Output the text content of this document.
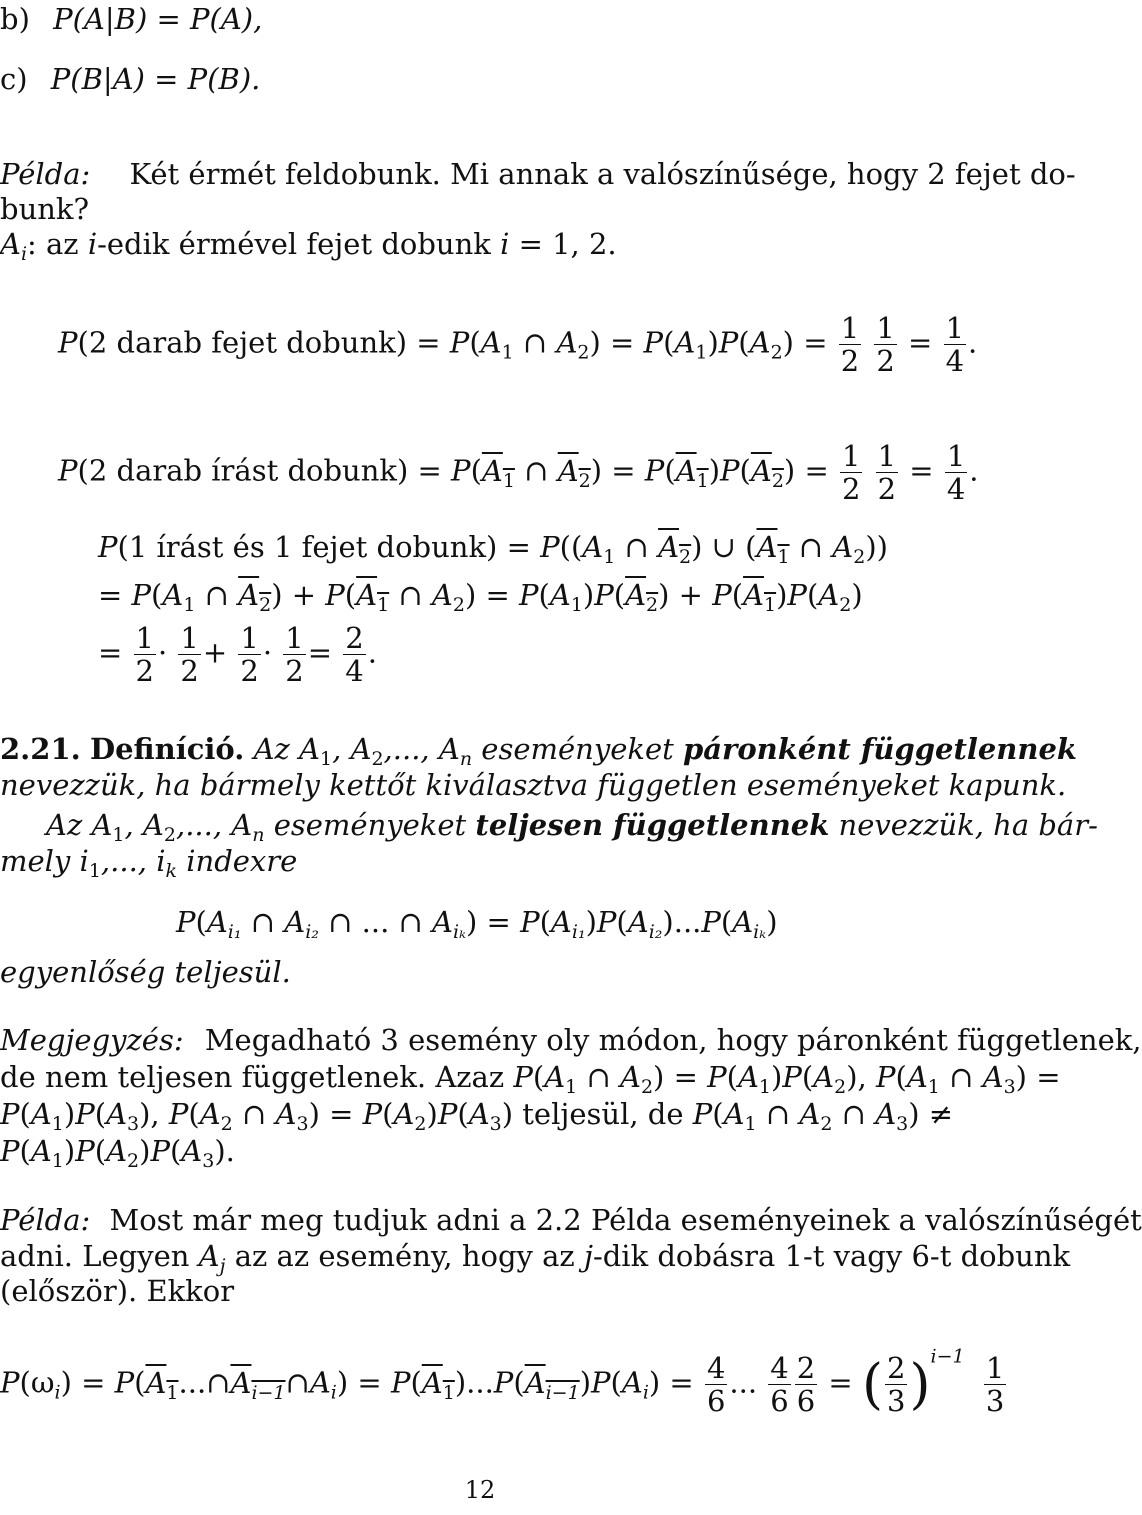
b) P(A|B) = P(A),
c) P(B|A) = P(B).
Példa: Két érmét feldobunk. Mi annak a valószínűsége, hogy 2 fejet do-
bunk?
$A_i$: az i-edik érmével fejet dobunk i = 1, 2.
P(2 darab fejet dobunk) = $P(A_1$ ∩ $A_2) = P(A_1)P(A_2) = \frac{1}{2}$
$\frac{1}{2} = \frac{1}{4}$ .
P(2 darab írást dobunk) = $P(A_1$ ∩ $A_2) = P(A_1)P(A_2) = \frac{1}{2}$
$\frac{1}{2} = \frac{1}{4}$ .
P(1 írást és 1 fejet dobunk) = $P((A_1$ ∩ $A_2$) ∪ ($A_1$ ∩ $A_2$))
= $P(A_1$ ∩ $A_2) + P(A_1$ ∩ $A_2) = P(A_1)P(A_2) + P(A_1)P(A_2)$
= $\frac{1}{2} \cdot \frac{1}{2} + \frac{1}{2} \cdot \frac{1}{2} = \frac{2}{4}$ .
2.21. Definíció. Az $A_1$, $A_2$,..., $A_n$ eseményeket páronként függetlennek
nevezzük, ha bármely kettőt kiválasztva független eseményeket kapunk.
Az $A_1$, $A_2$,..., $A_n$ eseményeket teljesen függetlennek nevezzük, ha bár-
mely $i_1$,..., $i_k$ indexre
$P(A_{i_1}$ ∩ $A_{i_2}$ ∩ ... ∩ $A_{i_k}) = P(A_{i_1})P(A_{i_2})...P(A_{i_k})$
egyenlőség teljesül.
Megjegyzés: Megadható 3 esemény oly módon, hogy páronként függetlenek,
de nem teljesen függetlenek. Azaz $P(A_1$ ∩ $A_2) = P(A_1)P(A_2)$, $P(A_1$ ∩ $A_3$) =
$P(A_1)P(A_3)$, $P(A_2$ ∩ $A_3) = P(A_2)P(A_3)$ teljesül, de $P(A_1$ ∩ $A_2$ ∩ $A_3$) ≠
$P(A_1)P(A_2)P(A_3)$.
Példa: Most már meg tudjuk adni a 2.2 Példa eseményeinek a valószínűségét
adni. Legyen $A_j$ az az esemény, hogy az j-dik dobásra 1-t vagy 6-t dobunk
(először). Ekkor
$P(\omega_i)$ = $P(A_1...\cap A_{i-1}\cap A_i) = P(A_1)...P(A_{i-1})P(A_i) = \frac{4}{6}$ ... $\frac{4}{6} \frac{2}{6}$ = ( $\frac{2}{3} )^{i-1} \frac{1}{3}$
12
